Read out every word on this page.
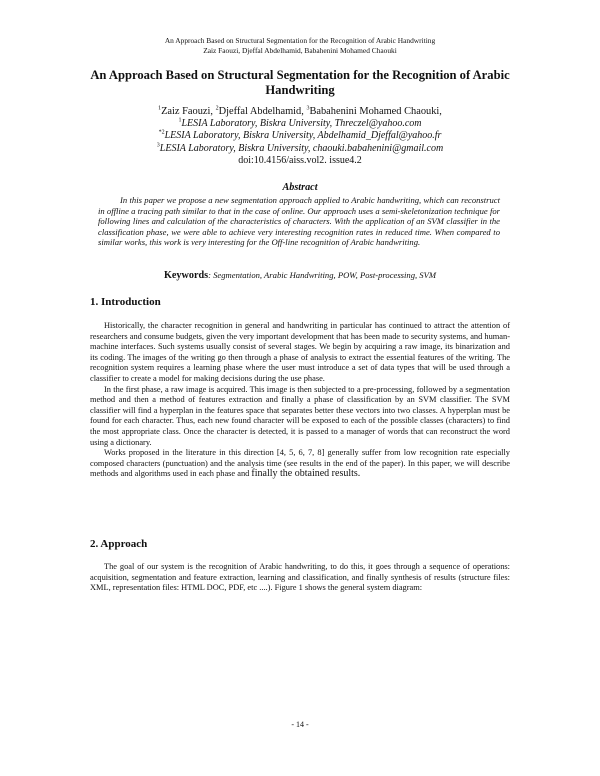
An Approach Based on Structural Segmentation for the Recognition of Arabic Handwriting
Zaiz Faouzi, Djeffal Abdelhamid, Babahenini Mohamed Chaouki
An Approach Based on Structural Segmentation for the Recognition of Arabic Handwriting
$^1$Zaiz Faouzi, $^2$Djeffal Abdelhamid, $^3$Babahenini Mohamed Chaouki,
$^1$LESIA Laboratory, Biskra University, Threczel@yahoo.com
$^{*2}$LESIA Laboratory, Biskra University, Abdelhamid_Djeffal@yahoo.fr
$^3$LESIA Laboratory, Biskra University, chaouki.babahenini@gmail.com
doi:10.4156/aiss.vol2. issue4.2
Abstract
In this paper we propose a new segmentation approach applied to Arabic handwriting, which can reconstruct in offline a tracing path similar to that in the case of online. Our approach uses a semi-skeletonization technique for following lines and calculation of the characteristics of characters. With the application of an SVM classifier in the classification phase, we were able to achieve very interesting recognition rates in reduced time. When compared to similar works, this work is very interesting for the Off-line recognition of Arabic handwriting.
Keywords: Segmentation, Arabic Handwriting, POW, Post-processing, SVM
1. Introduction

Historically, the character recognition in general and handwriting in particular has continued to attract the attention of researchers and consume budgets, given the very important development that has been made to security systems, and human-machine interfaces. Such systems usually consist of several stages. We begin by acquiring a raw image, its binarization and its coding. The images of the writing go then through a phase of analysis to extract the essential features of the writing. The recognition system requires a learning phase where the user must introduce a set of data types that will be used through a classifier to create a model for making decisions during the use phase.

In the first phase, a raw image is acquired. This image is then subjected to a pre-processing, followed by a segmentation method and then a method of features extraction and finally a phase of classification by an SVM classifier. The SVM classifier will find a hyperplan in the features space that separates better these vectors into two classes. A hyperplan must be found for each character. Thus, each new found character will be exposed to each of the possible classes (characters) to find the most appropriate class. Once the character is detected, it is passed to a manager of words that can reconstruct the word using a dictionary.

Works proposed in the literature in this direction [4, 5, 6, 7, 8] generally suffer from low recognition rate especially composed characters (punctuation) and the analysis time (see results in the end of the paper). In this paper, we will describe methods and algorithms used in each phase and finally the obtained results.

2. Approach

The goal of our system is the recognition of Arabic handwriting, to do this, it goes through a sequence of operations: acquisition, segmentation and feature extraction, learning and classification, and finally synthesis of results (structure files: XML, representation files: HTML DOC, PDF, etc ....). Figure 1 shows the general system diagram:

- 14 -
